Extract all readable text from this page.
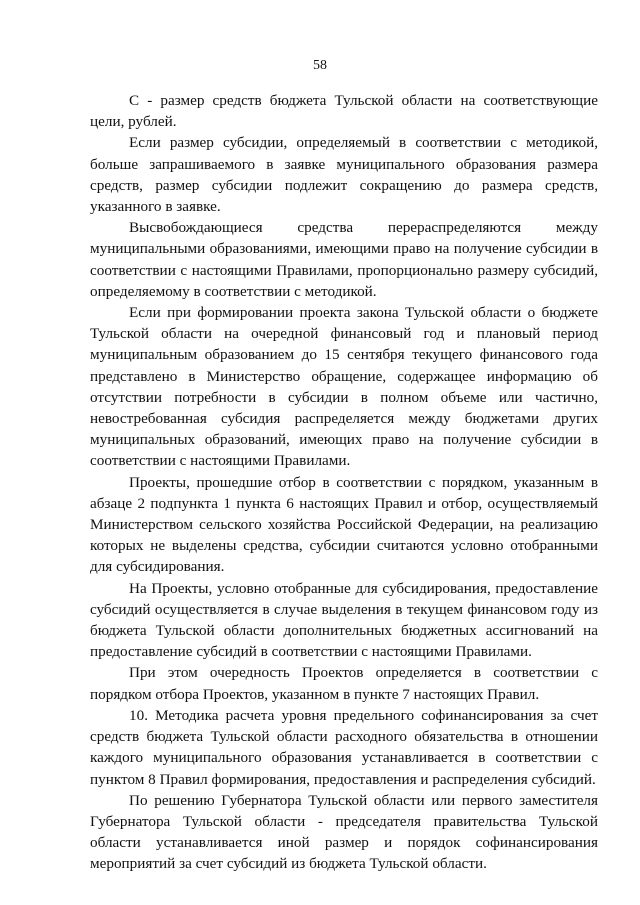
58

С - размер средств бюджета Тульской области на соответствующие цели, рублей.

Если размер субсидии, определяемый в соответствии с методикой, больше запрашиваемого в заявке муниципального образования размера средств, размер субсидии подлежит сокращению до размера средств, указанного в заявке.

Высвобождающиеся средства перераспределяются между муниципальными образованиями, имеющими право на получение субсидии в соответствии с настоящими Правилами, пропорционально размеру субсидий, определяемому в соответствии с методикой.

Если при формировании проекта закона Тульской области о бюджете Тульской области на очередной финансовый год и плановый период муниципальным образованием до 15 сентября текущего финансового года представлено в Министерство обращение, содержащее информацию об отсутствии потребности в субсидии в полном объеме или частично, невостребованная субсидия распределяется между бюджетами других муниципальных образований, имеющих право на получение субсидии в соответствии с настоящими Правилами.

Проекты, прошедшие отбор в соответствии с порядком, указанным в абзаце 2 подпункта 1 пункта 6 настоящих Правил и отбор, осуществляемый Министерством сельского хозяйства Российской Федерации, на реализацию которых не выделены средства, субсидии считаются условно отобранными для субсидирования.

На Проекты, условно отобранные для субсидирования, предоставление субсидий осуществляется в случае выделения в текущем финансовом году из бюджета Тульской области дополнительных бюджетных ассигнований на предоставление субсидий в соответствии с настоящими Правилами.

При этом очередность Проектов определяется в соответствии с порядком отбора Проектов, указанном в пункте 7 настоящих Правил.

10. Методика расчета уровня предельного софинансирования за счет средств бюджета Тульской области расходного обязательства в отношении каждого муниципального образования устанавливается в соответствии с пунктом 8 Правил формирования, предоставления и распределения субсидий.

По решению Губернатора Тульской области или первого заместителя Губернатора Тульской области - председателя правительства Тульской области устанавливается иной размер и порядок софинансирования мероприятий за счет субсидий из бюджета Тульской области.
